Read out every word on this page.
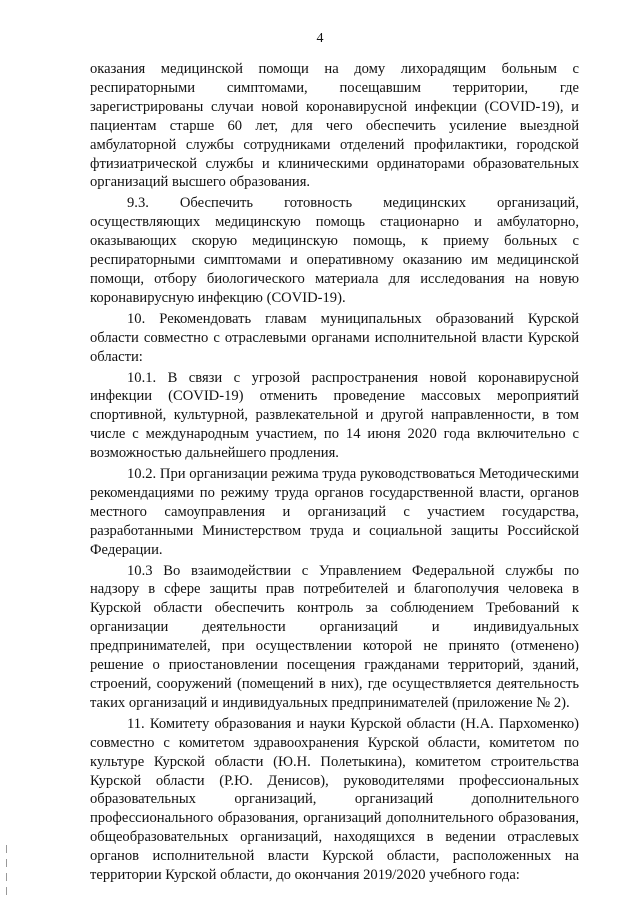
4

оказания медицинской помощи на дому лихорадящим больным с респираторными симптомами, посещавшим территории, где зарегистрированы случаи новой коронавирусной инфекции (COVID-19), и пациентам старше 60 лет, для чего обеспечить усиление выездной амбулаторной службы сотрудниками отделений профилактики, городской фтизиатрической службы и клиническими ординаторами образовательных организаций высшего образования.

9.3. Обеспечить готовность медицинских организаций, осуществляющих медицинскую помощь стационарно и амбулаторно, оказывающих скорую медицинскую помощь, к приему больных с респираторными симптомами и оперативному оказанию им медицинской помощи, отбору биологического материала для исследования на новую коронавирусную инфекцию (COVID-19).

10. Рекомендовать главам муниципальных образований Курской области совместно с отраслевыми органами исполнительной власти Курской области:

10.1. В связи с угрозой распространения новой коронавирусной инфекции (COVID-19) отменить проведение массовых мероприятий спортивной, культурной, развлекательной и другой направленности, в том числе с международным участием, по 14 июня 2020 года включительно с возможностью дальнейшего продления.

10.2. При организации режима труда руководствоваться Методическими рекомендациями по режиму труда органов государственной власти, органов местного самоуправления и организаций с участием государства, разработанными Министерством труда и социальной защиты Российской Федерации.

10.3 Во взаимодействии с Управлением Федеральной службы по надзору в сфере защиты прав потребителей и благополучия человека в Курской области обеспечить контроль за соблюдением Требований к организации деятельности организаций и индивидуальных предпринимателей, при осуществлении которой не принято (отменено) решение о приостановлении посещения гражданами территорий, зданий, строений, сооружений (помещений в них), где осуществляется деятельность таких организаций и индивидуальных предпринимателей (приложение № 2).

11. Комитету образования и науки Курской области (Н.А. Пархоменко) совместно с комитетом здравоохранения Курской области, комитетом по культуре Курской области (Ю.Н. Полетыкина), комитетом строительства Курской области (Р.Ю. Денисов), руководителями профессиональных образовательных организаций, организаций дополнительного профессионального образования, организаций дополнительного образования, общеобразовательных организаций, находящихся в ведении отраслевых органов исполнительной власти Курской области, расположенных на территории Курской области, до окончания 2019/2020 учебного года:
